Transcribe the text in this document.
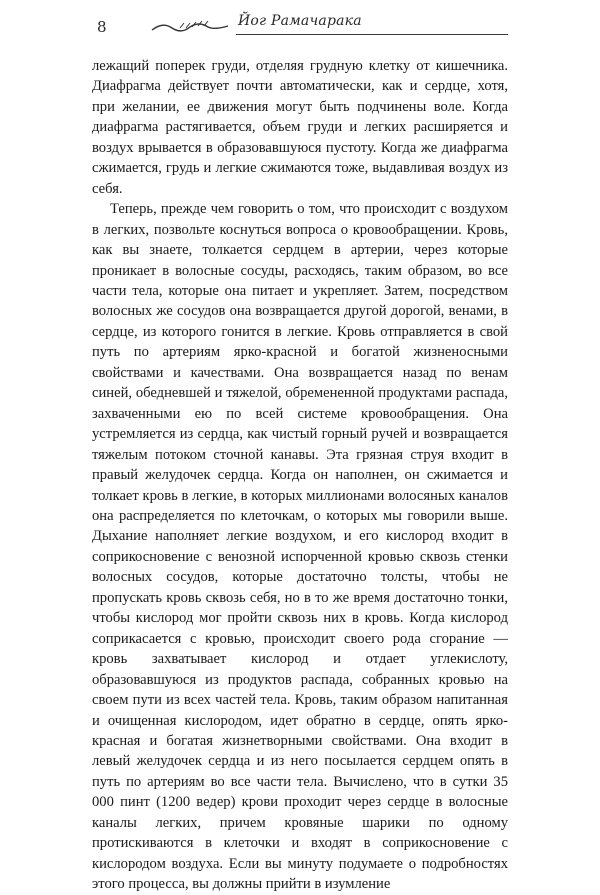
8	Йог Рамачарака

лежащий поперек груди, отделяя грудную клетку от кишечника. Диафрагма действует почти автоматически, как и сердце, хотя, при желании, ее движения могут быть подчинены воле. Когда диафрагма растягивается, объем груди и легких расширяется и воздух врывается в образовавшуюся пустоту. Когда же диафрагма сжимается, грудь и легкие сжимаются тоже, выдавливая воздух из себя.

Теперь, прежде чем говорить о том, что происходит с воздухом в легких, позвольте коснуться вопроса о кровообращении. Кровь, как вы знаете, толкается сердцем в артерии, через которые проникает в волосные сосуды, расходясь, таким образом, во все части тела, которые она питает и укрепляет. Затем, посредством волосных же сосудов она возвращается другой дорогой, венами, в сердце, из которого гонится в легкие. Кровь отправляется в свой путь по артериям ярко-красной и богатой жизненосными свойствами и качествами. Она возвращается назад по венам синей, обедневшей и тяжелой, обремененной продуктами распада, захваченными ею по всей системе кровообращения. Она устремляется из сердца, как чистый горный ручей и возвращается тяжелым потоком сточной канавы. Эта грязная струя входит в правый желудочек сердца. Когда он наполнен, он сжимается и толкает кровь в легкие, в которых миллионами волосяных каналов она распределяется по клеточкам, о которых мы говорили выше. Дыхание наполняет легкие воздухом, и его кислород входит в соприкосновение с венозной испорченной кровью сквозь стенки волосных сосудов, которые достаточно толсты, чтобы не пропускать кровь сквозь себя, но в то же время достаточно тонки, чтобы кислород мог пройти сквозь них в кровь. Когда кислород соприкасается с кровью, происходит своего рода сгорание — кровь захватывает кислород и отдает углекислоту, образовавшуюся из продуктов распада, собранных кровью на своем пути из всех частей тела. Кровь, таким образом напитанная и очищенная кислородом, идет обратно в сердце, опять ярко-красная и богатая жизнетворными свойствами. Она входит в левый желудочек сердца и из него посылается сердцем опять в путь по артериям во все части тела. Вычислено, что в сутки 35 000 пинт (1200 ведер) крови проходит через сердце в волосные каналы легких, причем кровяные шарики по одному протискиваются в клеточки и входят в соприкосновение с кислородом воздуха. Если вы минуту подумаете о подробностях этого процесса, вы должны прийти в изумление
